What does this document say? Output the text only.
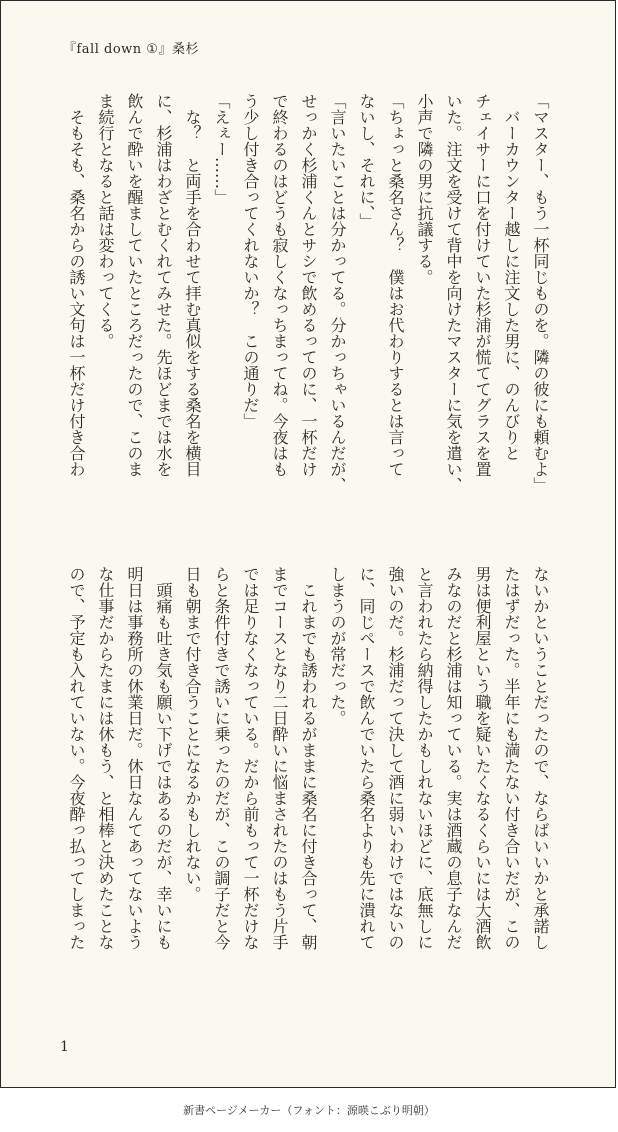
『fall down ①』桑杉
「マスター、もう一杯同じものを。隣の彼にも頼むよ」
　バーカウンター越しに注文した男に、のんびりと
チェイサーに口を付けていた杉浦が慌ててグラスを置
いた。注文を受けて背中を向けたマスターに気を遣い、
小声で隣の男に抗議する。
「ちょっと桑名さん？　僕はお代わりするとは言って
ないし、それに、」
「言いたいことは分かってる。分かっちゃいるんだが、
せっかく杉浦くんとサシで飲めるってのに、一杯だけ
で終わるのはどうも寂しくなっちまってね。今夜はも
う少し付き合ってくれないか？　この通りだ」
「えぇー……」
　な？　と両手を合わせて拝む真似をする桑名を横目
に、杉浦はわざとむくれてみせた。先ほどまでは水を
飲んで酔いを醒ましていたところだったので、このま
ま続行となると話は変わってくる。
　そもそも、桑名からの誘い文句は一杯だけ付き合わ
ないかということだったので、ならばいいかと承諾し
たはずだった。半年にも満たない付き合いだが、この
男は便利屋という職を疑いたくなるくらいには大酒飲
みなのだと杉浦は知っている。実は酒蔵の息子なんだ
と言われたら納得したかもしれないほどに、底無しに
強いのだ。杉浦だって決して酒に弱いわけではないの
に、同じペースで飲んでいたら桑名よりも先に潰れて
しまうのが常だった。
　これまでも誘われるがままに桑名に付き合って、朝
までコースとなり二日酔いに悩まされたのはもう片手
では足りなくなっている。だから前もって一杯だけな
らと条件付きで誘いに乗ったのだが、この調子だと今
日も朝まで付き合うことになるかもしれない。
　頭痛も吐き気も願い下げではあるのだが、幸いにも
明日は事務所の休業日だ。休日なんてあってないよう
な仕事だからたまには休もう、と相棒と決めたことな
ので、予定も入れていない。今夜酔っ払ってしまった
1
新書ページメーカー（フォント：源暎こぶり明朝）
